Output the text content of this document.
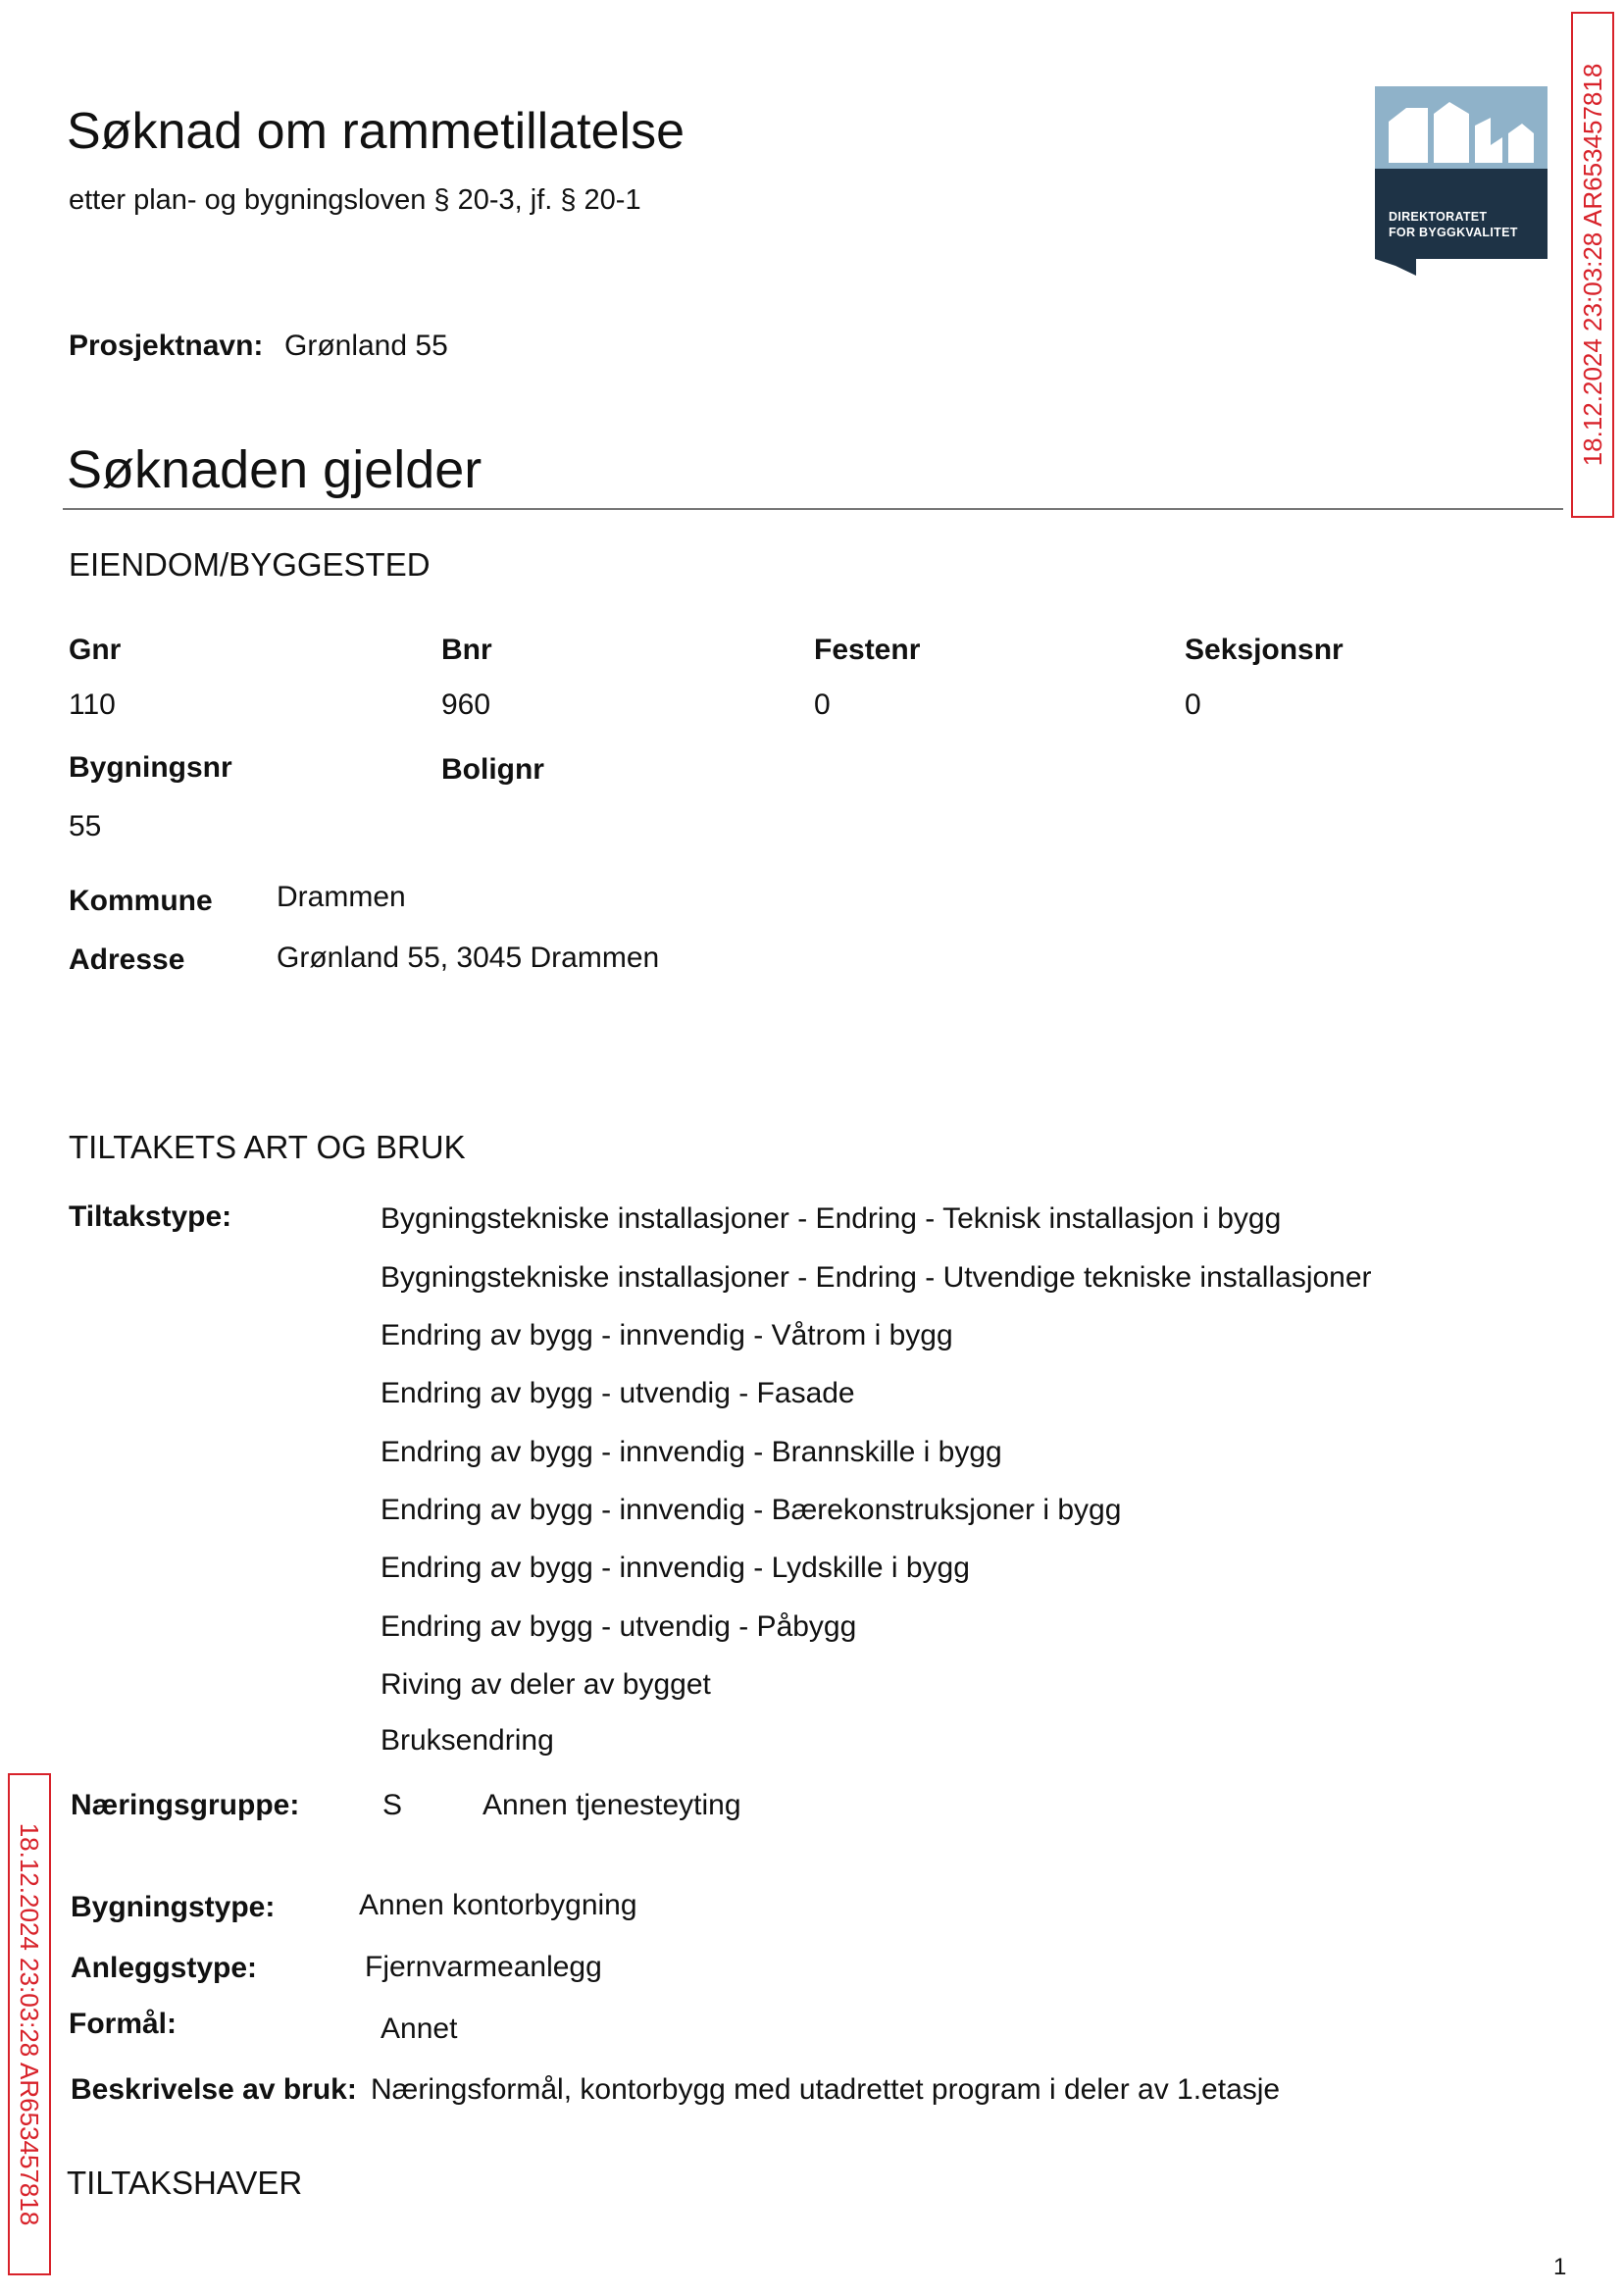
Søknad om rammetillatelse
etter plan- og bygningsloven § 20-3, jf. § 20-1
DIREKTORATET
FOR BYGGKVALITET 18.12.2024 23:03:28 AR653457818
Prosjektnavn: Grønland 55
Søknaden gjelder
EIENDOM/BYGGESTED
Gnr	Bnr	Festenr	Seksjonsnr
110	960	0	0
Bygningsnr	Bolignr
55
Kommune Drammen
Adresse	Grønland 55, 3045 Drammen
TILTAKETS ART OG BRUK
Tiltakstype:	Bygningstekniske installasjoner - Endring - Teknisk installasjon i bygg
Bygningstekniske installasjoner - Endring - Utvendige tekniske installasjoner
Endring av bygg - innvendig - Våtrom i bygg
Endring av bygg - utvendig - Fasade
Endring av bygg - innvendig - Brannskille i bygg
Endring av bygg - innvendig - Bærekonstruksjoner i bygg
Endring av bygg - innvendig - Lydskille i bygg
Endring av bygg - utvendig - Påbygg
Riving av deler av bygget
Bruksendring
18.12.2024 23:03:28 AR653457818
Næringsgruppe:	S	Annen tjenesteyting
Bygningstype:	Annen kontorbygning
Anleggstype:	Fjernvarmeanlegg
Formål:	Annet
Beskrivelse av bruk: Næringsformål, kontorbygg med utadrettet program i deler av 1.etasje
TILTAKSHAVER
1
